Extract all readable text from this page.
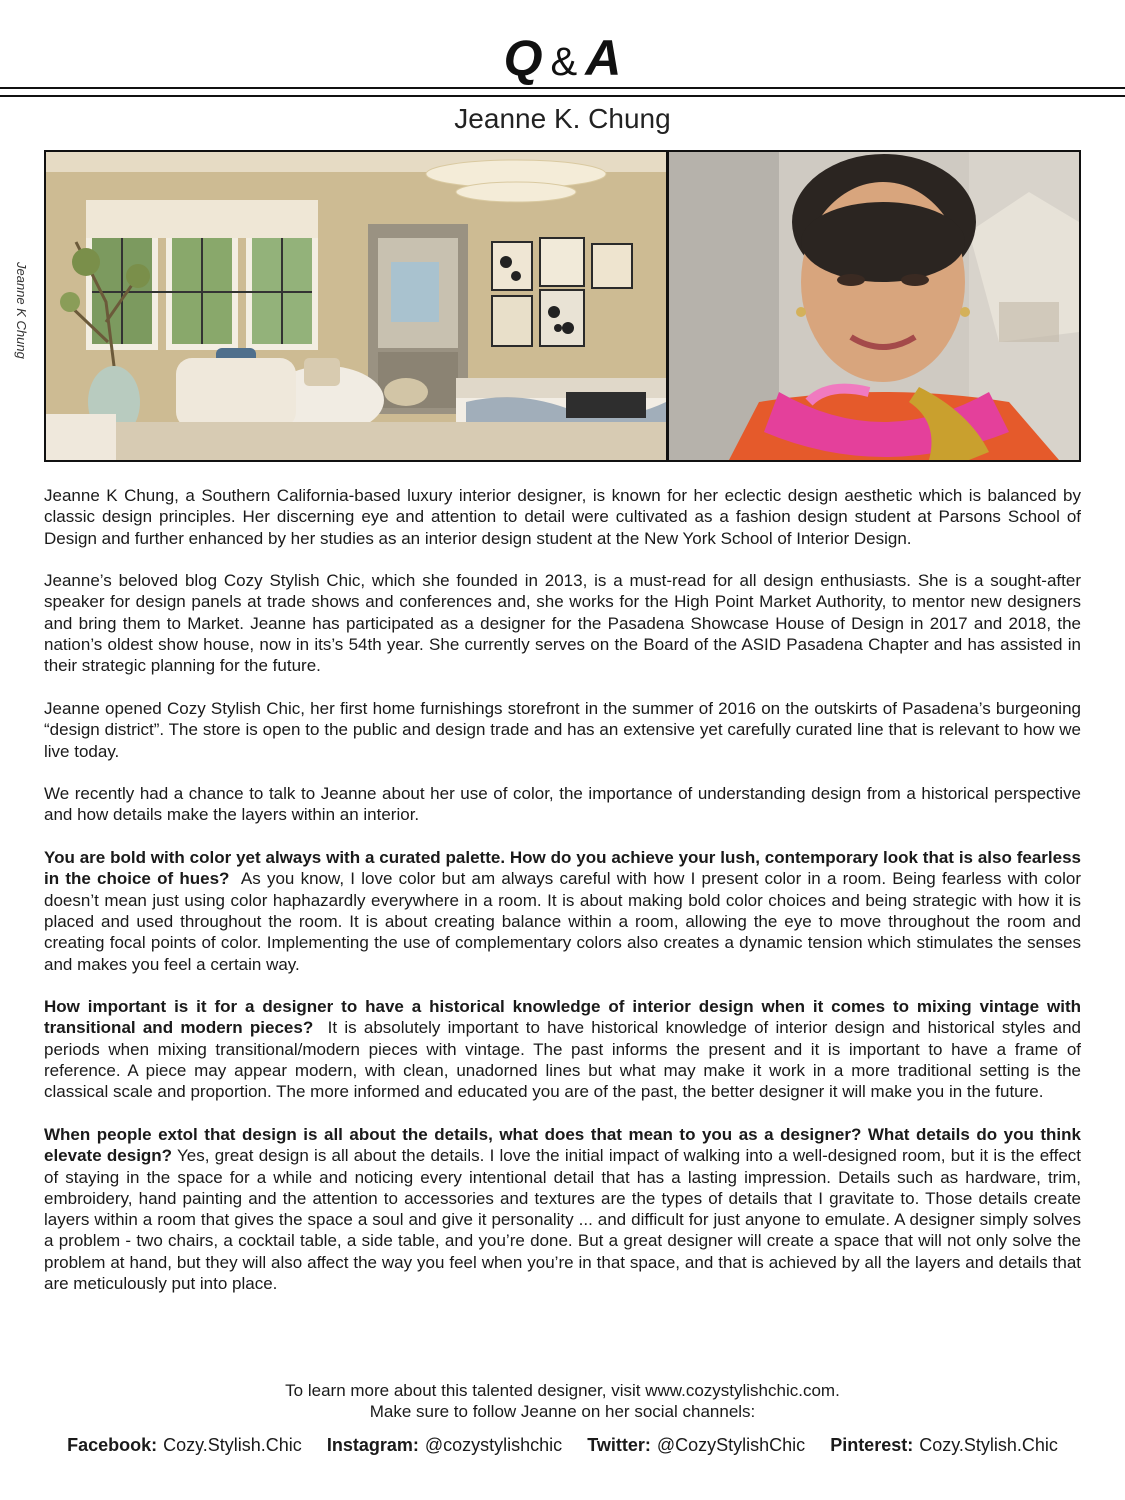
Q & A
Jeanne K. Chung
Jeanne K Chung

Jeanne K Chung, a Southern California-based luxury interior designer, is known for her eclectic design aesthetic which is balanced by classic design principles. Her discerning eye and attention to detail were cultivated as a fashion design student at Parsons School of Design and further enhanced by her studies as an interior design student at the New York School of Interior Design.

Jeanne’s beloved blog Cozy Stylish Chic, which she founded in 2013, is a must-read for all design enthusiasts. She is a sought-after speaker for design panels at trade shows and conferences and, she works for the High Point Market Authority, to mentor new designers and bring them to Market. Jeanne has participated as a designer for the Pasadena Showcase House of Design in 2017 and 2018, the nation’s oldest show house, now in its’s 54th year. She currently serves on the Board of the ASID Pasadena Chapter and has assisted in their strategic planning for the future.

Jeanne opened Cozy Stylish Chic, her first home furnishings storefront in the summer of 2016 on the outskirts of Pasadena’s burgeoning “design district”. The store is open to the public and design trade and has an extensive yet carefully curated line that is relevant to how we live today.

We recently had a chance to talk to Jeanne about her use of color, the importance of understanding design from a historical perspective and how details make the layers within an interior.

You are bold with color yet always with a curated palette. How do you achieve your lush, contemporary look that is also fearless in the choice of hues? As you know, I love color but am always careful with how I present color in a room. Being fearless with color doesn’t mean just using color haphazardly everywhere in a room. It is about making bold color choices and being strategic with how it is placed and used throughout the room. It is about creating balance within a room, allowing the eye to move throughout the room and creating focal points of color. Implementing the use of complementary colors also creates a dynamic tension which stimulates the senses and makes you feel a certain way.

How important is it for a designer to have a historical knowledge of interior design when it comes to mixing vintage with transitional and modern pieces? It is absolutely important to have historical knowledge of interior design and historical styles and periods when mixing transitional/modern pieces with vintage. The past informs the present and it is important to have a frame of reference. A piece may appear modern, with clean, unadorned lines but what may make it work in a more traditional setting is the classical scale and proportion. The more informed and educated you are of the past, the better designer it will make you in the future.

When people extol that design is all about the details, what does that mean to you as a designer? What details do you think elevate design? Yes, great design is all about the details. I love the initial impact of walking into a well-designed room, but it is the effect of staying in the space for a while and noticing every intentional detail that has a lasting impression. Details such as hardware, trim, embroidery, hand painting and the attention to accessories and textures are the types of details that I gravitate to. Those details create layers within a room that gives the space a soul and give it personality ... and difficult for just anyone to emulate. A designer simply solves a problem - two chairs, a cocktail table, a side table, and you’re done. But a great designer will create a space that will not only solve the problem at hand, but they will also affect the way you feel when you’re in that space, and that is achieved by all the layers and details that are meticulously put into place.

To learn more about this talented designer, visit www.cozystylishchic.com.
Make sure to follow Jeanne on her social channels:
Facebook: Cozy.Stylish.Chic Instagram: @cozystylishchic Twitter: @CozyStylishChic Pinterest: Cozy.Stylish.Chic
